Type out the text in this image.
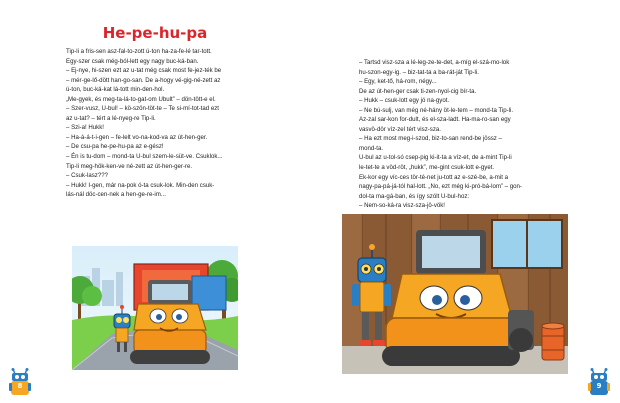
He-pe-hu-pa

Tip-li a fris-sen asz-fal-to-zott ú-ton ha-za-fe-lé tar-tott.

Egy-szer csak még-ból-lett egy nagy buc-ká-ban.

– Ej-nye, hi-szen ezt az u-tat még csak most fe-jez-ték be

– mér-ge-lő-dött han-go-san. De a-hogy vé-gig-né-zett az

ú-ton, buc-ká-kat lá-tott min-den-hol.

„Me-gyek, és meg-ta-lá-to-gat-om Ubult” – dön-tött-e el.

– Szer-vusz, U-bul! – kö-szön-töt-te – Te si-mí-tot-tad ezt

az u-tat? – tért a lé-nyeg-re Tip-li.

– Szi-a! Hukk!

– Ha-á-á-t-i-gen – fe-lelt vo-na-kod-va az út-hen-ger.

– De csu-pa he-pe-hu-pa az e-gész!

– Én is tu-dom – mond-ta U-bul szem-le-süt-ve. Csuklok...

Tip-li meg-hök-ken-ve né-zett az út-hen-ger-re.

– Csuk-lasz???

– Hukk! I-gen, már na-pok ó-ta csuk-lok. Min-den csuk-

lás-nál döc-cen-nek a hen-ge-re-im...

8

– Tartsd visz-sza a lé-leg-ze-te-det, a-míg el-szá-mo-lok

hu-szon-egy-ig. – biz-tat-ta a ba-rát-ját Tip-li.

– Egy, ket-tő, há-rom, négy...

De az út-hen-ger csak ti-zen-nyol-cig bír-ta.

– Hukk – csuk-lott egy jó na-gyot.

– Ne bú-sulj, van még né-hány öt-le-tem – mond-ta Tip-li.

Az-zal sar-kon for-dult, és el-sza-ladt. Ha-ma-ro-san egy

vasvö-dör víz-zel tért visz-sza.

– Ha ezt most meg-i-szod, biz-to-san rend-be jössz –

mond-ta.

U-bul az u-tol-só csep-pig ki-it-ta a víz-et, de a-mint Tip-li

le-tet-te a vöd-röt, „hukk”, me-gint csuk-lott e-gyet.

Ek-kor egy víc-ces tör-té-net ju-tott az e-szé-be, a-mit a

nagy-pa-pá-já-tól hal-lott. „No, ezt még ki-pró-bá-lom” – gon-

dol-ta ma-gá-ban, és így szólt U-bul-hoz:

– Nem-so-ká-ra visz-sza-jö-vök!

9
